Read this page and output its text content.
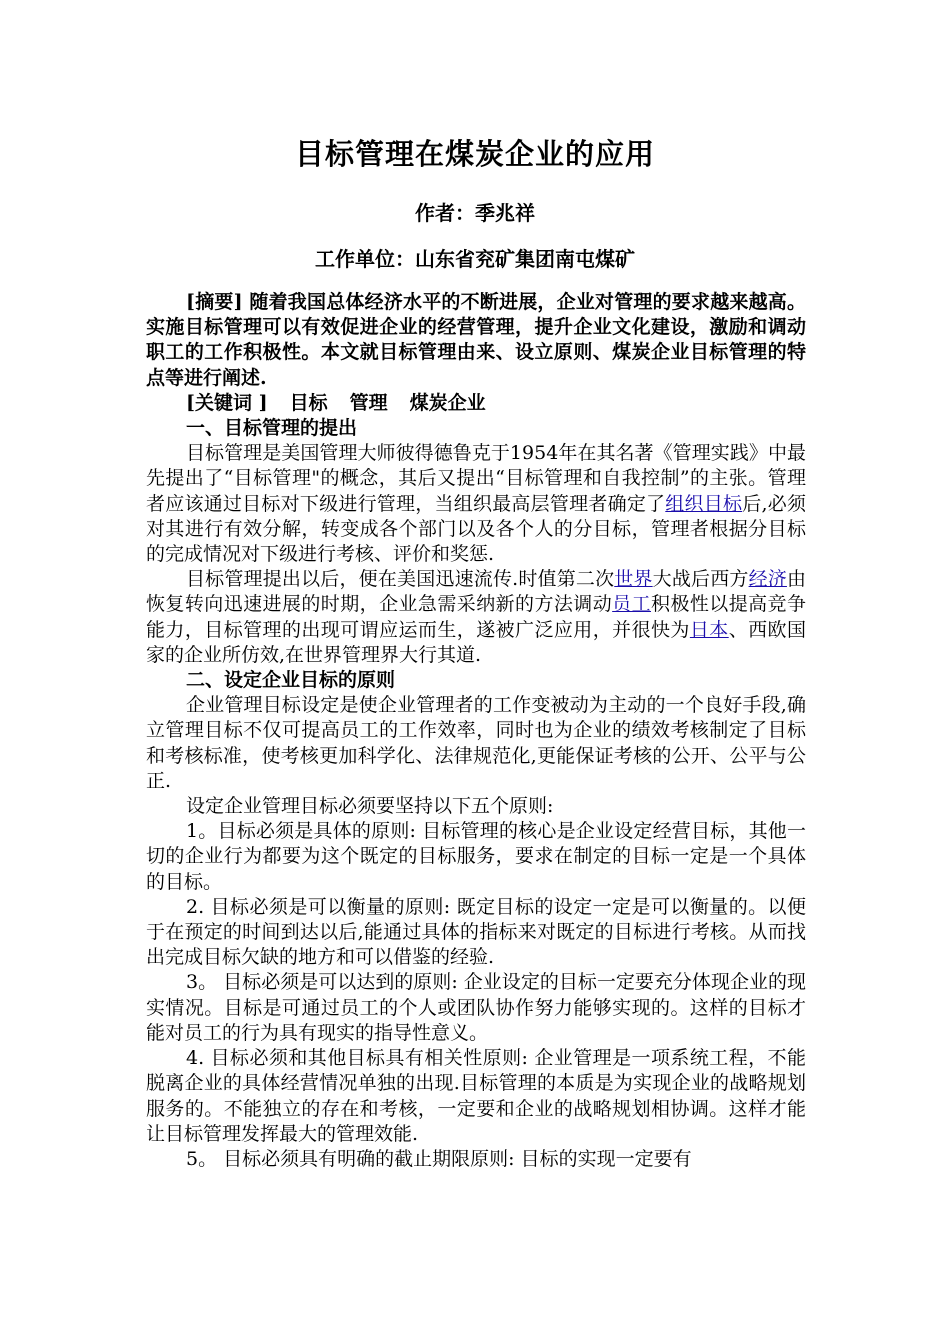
目标管理在煤炭企业的应用
作者：季兆祥
工作单位：山东省兖矿集团南屯煤矿

[摘要] 随着我国总体经济水平的不断进展，企业对管理的要求越来越高。实施目标管理可以有效促进企业的经营管理，提升企业文化建设，激励和调动职工的工作积极性。本文就目标管理由来、设立原则、煤炭企业目标管理的特点等进行阐述.

[关键词 ] 目标 管理 煤炭企业

一、目标管理的提出

目标管理是美国管理大师彼得德鲁克于1954年在其名著《管理实践》中最先提出了“目标管理"的概念，其后又提出“目标管理和自我控制”的主张。管理者应该通过目标对下级进行管理，当组织最高层管理者确定了组织目标后,必须对其进行有效分解，转变成各个部门以及各个人的分目标，管理者根据分目标的完成情况对下级进行考核、评价和奖惩.

目标管理提出以后，便在美国迅速流传.时值第二次世界大战后西方经济由恢复转向迅速进展的时期，企业急需采纳新的方法调动员工积极性以提高竞争能力，目标管理的出现可谓应运而生，遂被广泛应用，并很快为日本、西欧国家的企业所仿效,在世界管理界大行其道.

二、设定企业目标的原则

企业管理目标设定是使企业管理者的工作变被动为主动的一个良好手段,确立管理目标不仅可提高员工的工作效率，同时也为企业的绩效考核制定了目标和考核标准，使考核更加科学化、法律规范化,更能保证考核的公开、公平与公正.

设定企业管理目标必须要坚持以下五个原则:

1。目标必须是具体的原则: 目标管理的核心是企业设定经营目标，其他一切的企业行为都要为这个既定的目标服务，要求在制定的目标一定是一个具体的目标。

2. 目标必须是可以衡量的原则: 既定目标的设定一定是可以衡量的。以便于在预定的时间到达以后,能通过具体的指标来对既定的目标进行考核。从而找出完成目标欠缺的地方和可以借鉴的经验.

3。 目标必须是可以达到的原则: 企业设定的目标一定要充分体现企业的现实情况。目标是可通过员工的个人或团队协作努力能够实现的。这样的目标才能对员工的行为具有现实的指导性意义。

4. 目标必须和其他目标具有相关性原则: 企业管理是一项系统工程，不能脱离企业的具体经营情况单独的出现.目标管理的本质是为实现企业的战略规划服务的。不能独立的存在和考核，一定要和企业的战略规划相协调。这样才能让目标管理发挥最大的管理效能.

5。 目标必须具有明确的截止期限原则: 目标的实现一定要有
